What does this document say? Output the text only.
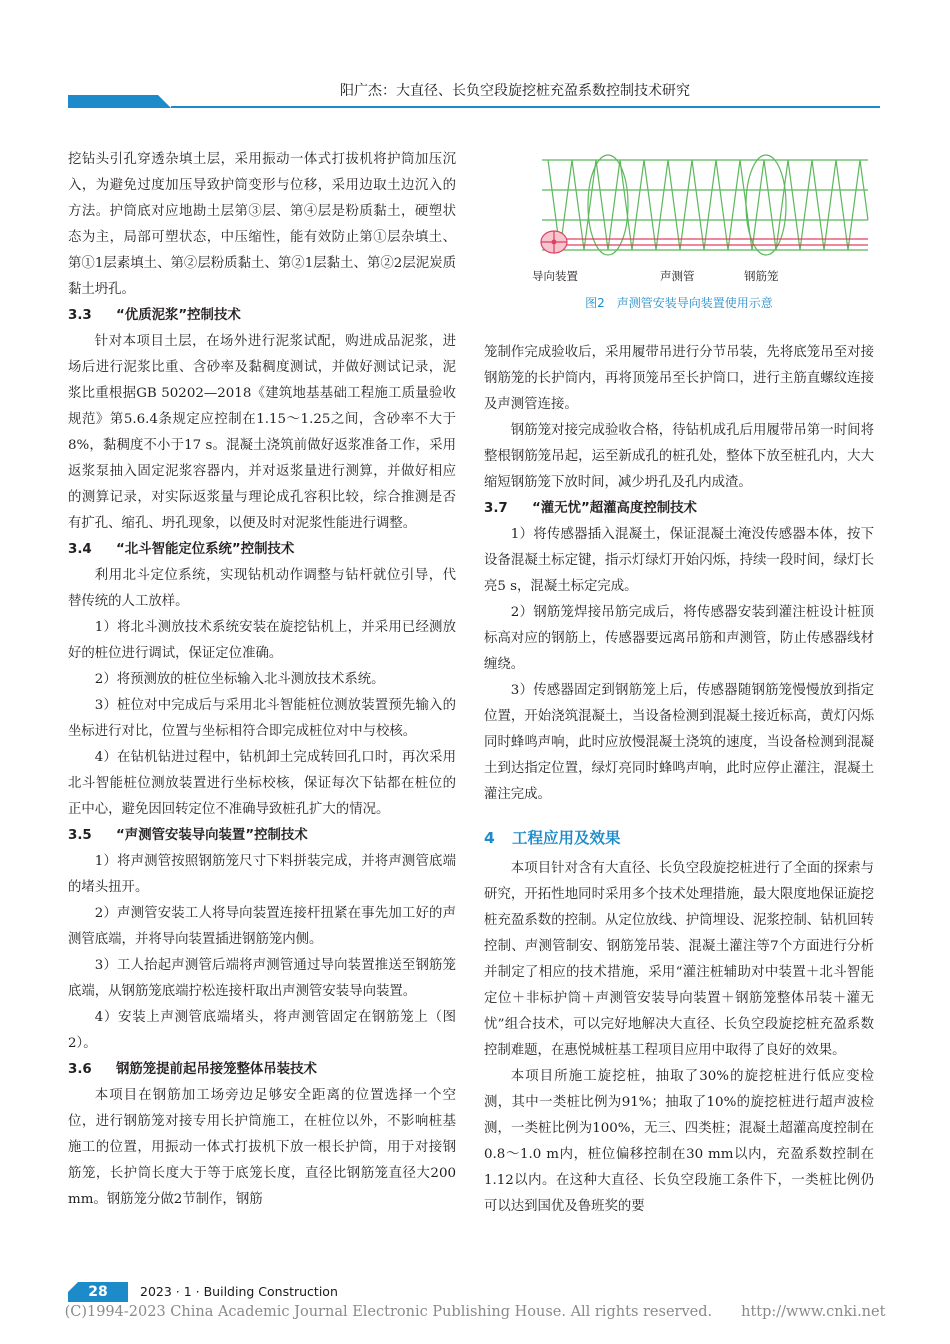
阳广杰：大直径、长负空段旋挖桩充盈系数控制技术研究

挖钻头引孔穿透杂填土层，采用振动一体式打拔机将护筒加压沉入，为避免过度加压导致护筒变形与位移，采用边取土边沉入的方法。护筒底对应地勘土层第③层、第④层是粉质黏土，硬塑状态为主，局部可塑状态，中压缩性，能有效防止第①层杂填土、第①1层素填土、第②层粉质黏土、第②1层黏土、第②2层泥炭质黏土坍孔。

3.3 “优质泥浆”控制技术

针对本项目土层，在场外进行泥浆试配，购进成品泥浆，进场后进行泥浆比重、含砂率及黏稠度测试，并做好测试记录，泥浆比重根据GB 50202—2018《建筑地基基础工程施工质量验收规范》第5.6.4条规定应控制在1.15～1.25之间，含砂率不大于8%，黏稠度不小于17 s。混凝土浇筑前做好返浆准备工作，采用返浆泵抽入固定泥浆容器内，并对返浆量进行测算，并做好相应的测算记录，对实际返浆量与理论成孔容积比较，综合推测是否有扩孔、缩孔、坍孔现象，以便及时对泥浆性能进行调整。

3.4 “北斗智能定位系统”控制技术

利用北斗定位系统，实现钻机动作调整与钻杆就位引导，代替传统的人工放样。

1）将北斗测放技术系统安装在旋挖钻机上，并采用已经测放好的桩位进行调试，保证定位准确。

2）将预测放的桩位坐标输入北斗测放技术系统。

3）桩位对中完成后与采用北斗智能桩位测放装置预先输入的坐标进行对比，位置与坐标相符合即完成桩位对中与校核。

4）在钻机钻进过程中，钻机卸土完成转回孔口时，再次采用北斗智能桩位测放装置进行坐标校核，保证每次下钻都在桩位的正中心，避免因回转定位不准确导致桩孔扩大的情况。

3.5 “声测管安装导向装置”控制技术

1）将声测管按照钢筋笼尺寸下料拼装完成，并将声测管底端的堵头扭开。

2）声测管安装工人将导向装置连接杆扭紧在事先加工好的声测管底端，并将导向装置插进钢筋笼内侧。

3）工人抬起声测管后端将声测管通过导向装置推送至钢筋笼底端，从钢筋笼底端拧松连接杆取出声测管安装导向装置。

4）安装上声测管底端堵头，将声测管固定在钢筋笼上（图2）。

3.6 钢筋笼提前起吊接笼整体吊装技术

本项目在钢筋加工场旁边足够安全距离的位置选择一个空位，进行钢筋笼对接专用长护筒施工，在桩位以外，不影响桩基施工的位置，用振动一体式打拔机下放一根长护筒，用于对接钢筋笼，长护筒长度大于等于底笼长度，直径比钢筋笼直径大200 mm。钢筋笼分做2节制作，钢筋

导向装置	声测管	钢筋笼
图2　声测管安装导向装置使用示意

笼制作完成验收后，采用履带吊进行分节吊装，先将底笼吊至对接钢筋笼的长护筒内，再将顶笼吊至长护筒口，进行主筋直螺纹连接及声测管连接。

钢筋笼对接完成验收合格，待钻机成孔后用履带吊第一时间将整根钢筋笼吊起，运至新成孔的桩孔处，整体下放至桩孔内，大大缩短钢筋笼下放时间，减少坍孔及孔内成渣。

3.7 “灌无忧”超灌高度控制技术

1）将传感器插入混凝土，保证混凝土淹没传感器本体，按下设备混凝土标定键，指示灯绿灯开始闪烁，持续一段时间，绿灯长亮5 s，混凝土标定完成。

2）钢筋笼焊接吊筋完成后，将传感器安装到灌注桩设计桩顶标高对应的钢筋上，传感器要远离吊筋和声测管，防止传感器线材缠绕。

3）传感器固定到钢筋笼上后，传感器随钢筋笼慢慢放到指定位置，开始浇筑混凝土，当设备检测到混凝土接近标高，黄灯闪烁同时蜂鸣声响，此时应放慢混凝土浇筑的速度，当设备检测到混凝土到达指定位置，绿灯亮同时蜂鸣声响，此时应停止灌注，混凝土灌注完成。

4 工程应用及效果

本项目针对含有大直径、长负空段旋挖桩进行了全面的探索与研究，开拓性地同时采用多个技术处理措施，最大限度地保证旋挖桩充盈系数的控制。从定位放线、护筒埋设、泥浆控制、钻机回转控制、声测管制安、钢筋笼吊装、混凝土灌注等7个方面进行分析并制定了相应的技术措施，采用“灌注桩辅助对中装置＋北斗智能定位＋非标护筒＋声测管安装导向装置＋钢筋笼整体吊装＋灌无忧”组合技术，可以完好地解决大直径、长负空段旋挖桩充盈系数控制难题，在惠悦城桩基工程项目应用中取得了良好的效果。

本项目所施工旋挖桩，抽取了30%的旋挖桩进行低应变检测，其中一类桩比例为91%；抽取了10%的旋挖桩进行超声波检测，一类桩比例为100%，无三、四类桩；混凝土超灌高度控制在0.8～1.0 m内，桩位偏移控制在30 mm以内，充盈系数控制在1.12以内。在这种大直径、长负空段施工条件下，一类桩比例仍可以达到国优及鲁班奖的要

28	2023 · 1 · Building Construction
(C)1994-2023 China Academic Journal Electronic Publishing House. All rights reserved.　　http://www.cnki.net
